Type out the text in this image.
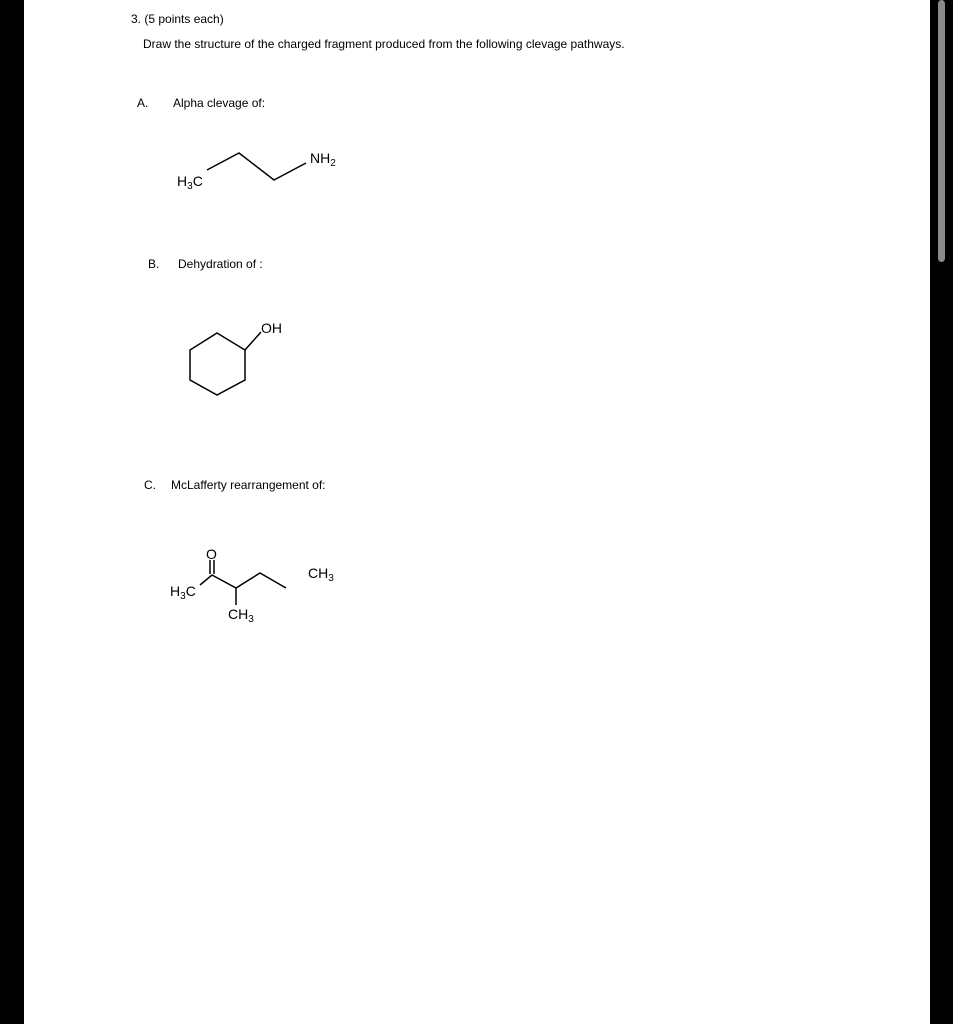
3. (5 points each)
Draw the structure of the charged fragment produced from the following clevage pathways.
A. Alpha clevage of:
B. Dehydration of :
C. McLafferty rearrangement of:
$H_3C$
$NH_2$
OH
O
$H_3C$
$CH_3$
$CH_3$
